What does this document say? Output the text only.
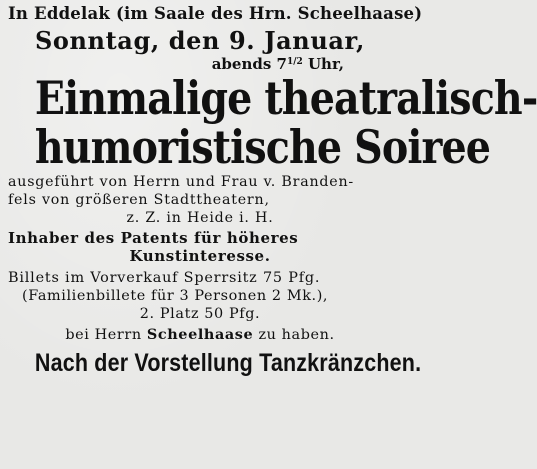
In Eddelak (im Saale des Hrn. Scheelhaase)
Sonntag, den 9. Januar,
abends $7^{1/2}$ Uhr,
Einmalige theatralisch-
humoristische Soiree
ausgeführt von Herrn und Frau v. Branden-
fels von größeren Stadttheatern,
z. Z. in Heide i. H.
Inhaber des Patents für höheres
Kunstinteresse.
Billets im Vorverkauf Sperrsitz 75 Pfg.
(Familienbillete für 3 Personen 2 Mk.),
2. Platz 50 Pfg.
bei Herrn Scheelhaase zu haben.
Nach der Vorstellung Tanzkränzchen.
